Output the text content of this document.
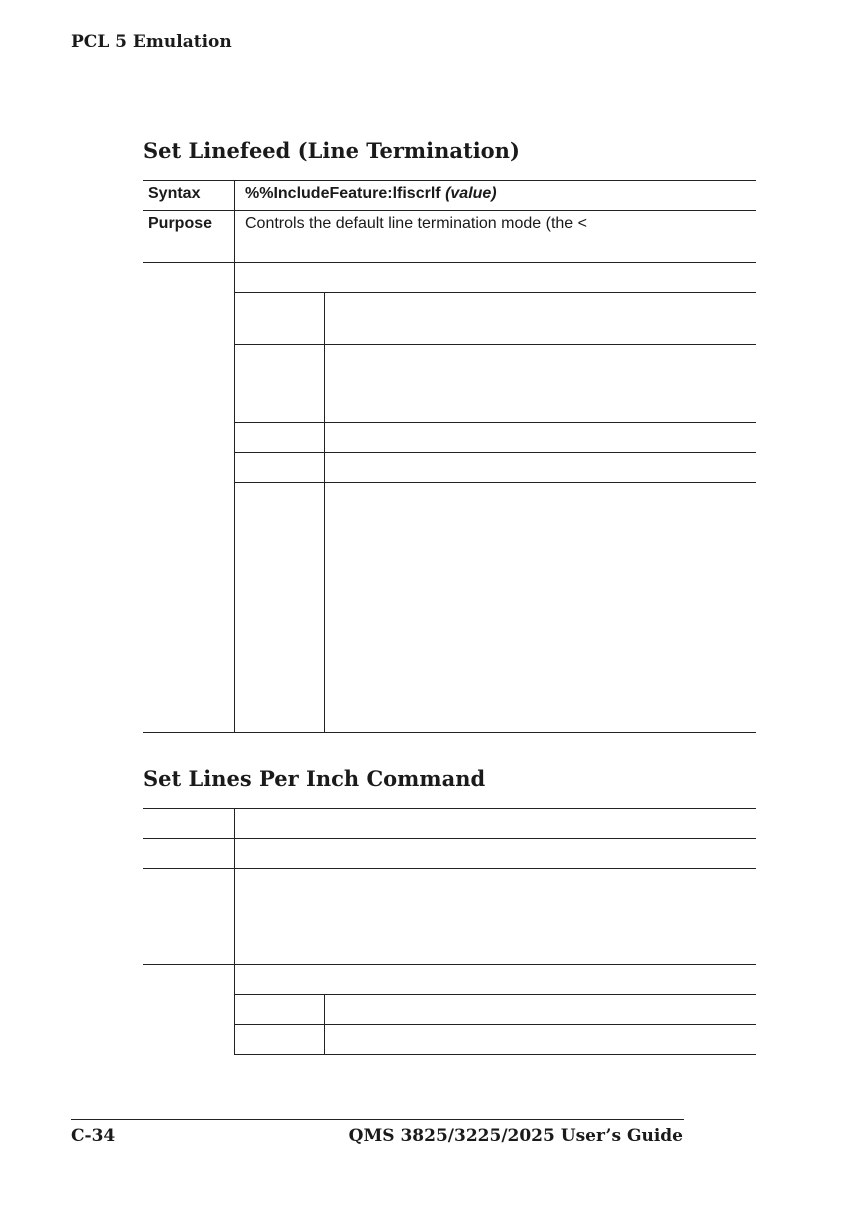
PCL 5 Emulation
Set Linefeed (Line Termination)
Syntax	%%IncludeFeature:lfiscrlf (value)
Purpose Controls the default line termination mode (the <
Set Lines Per Inch Command
C-34	QMS 3825/3225/2025 User’s Guide
